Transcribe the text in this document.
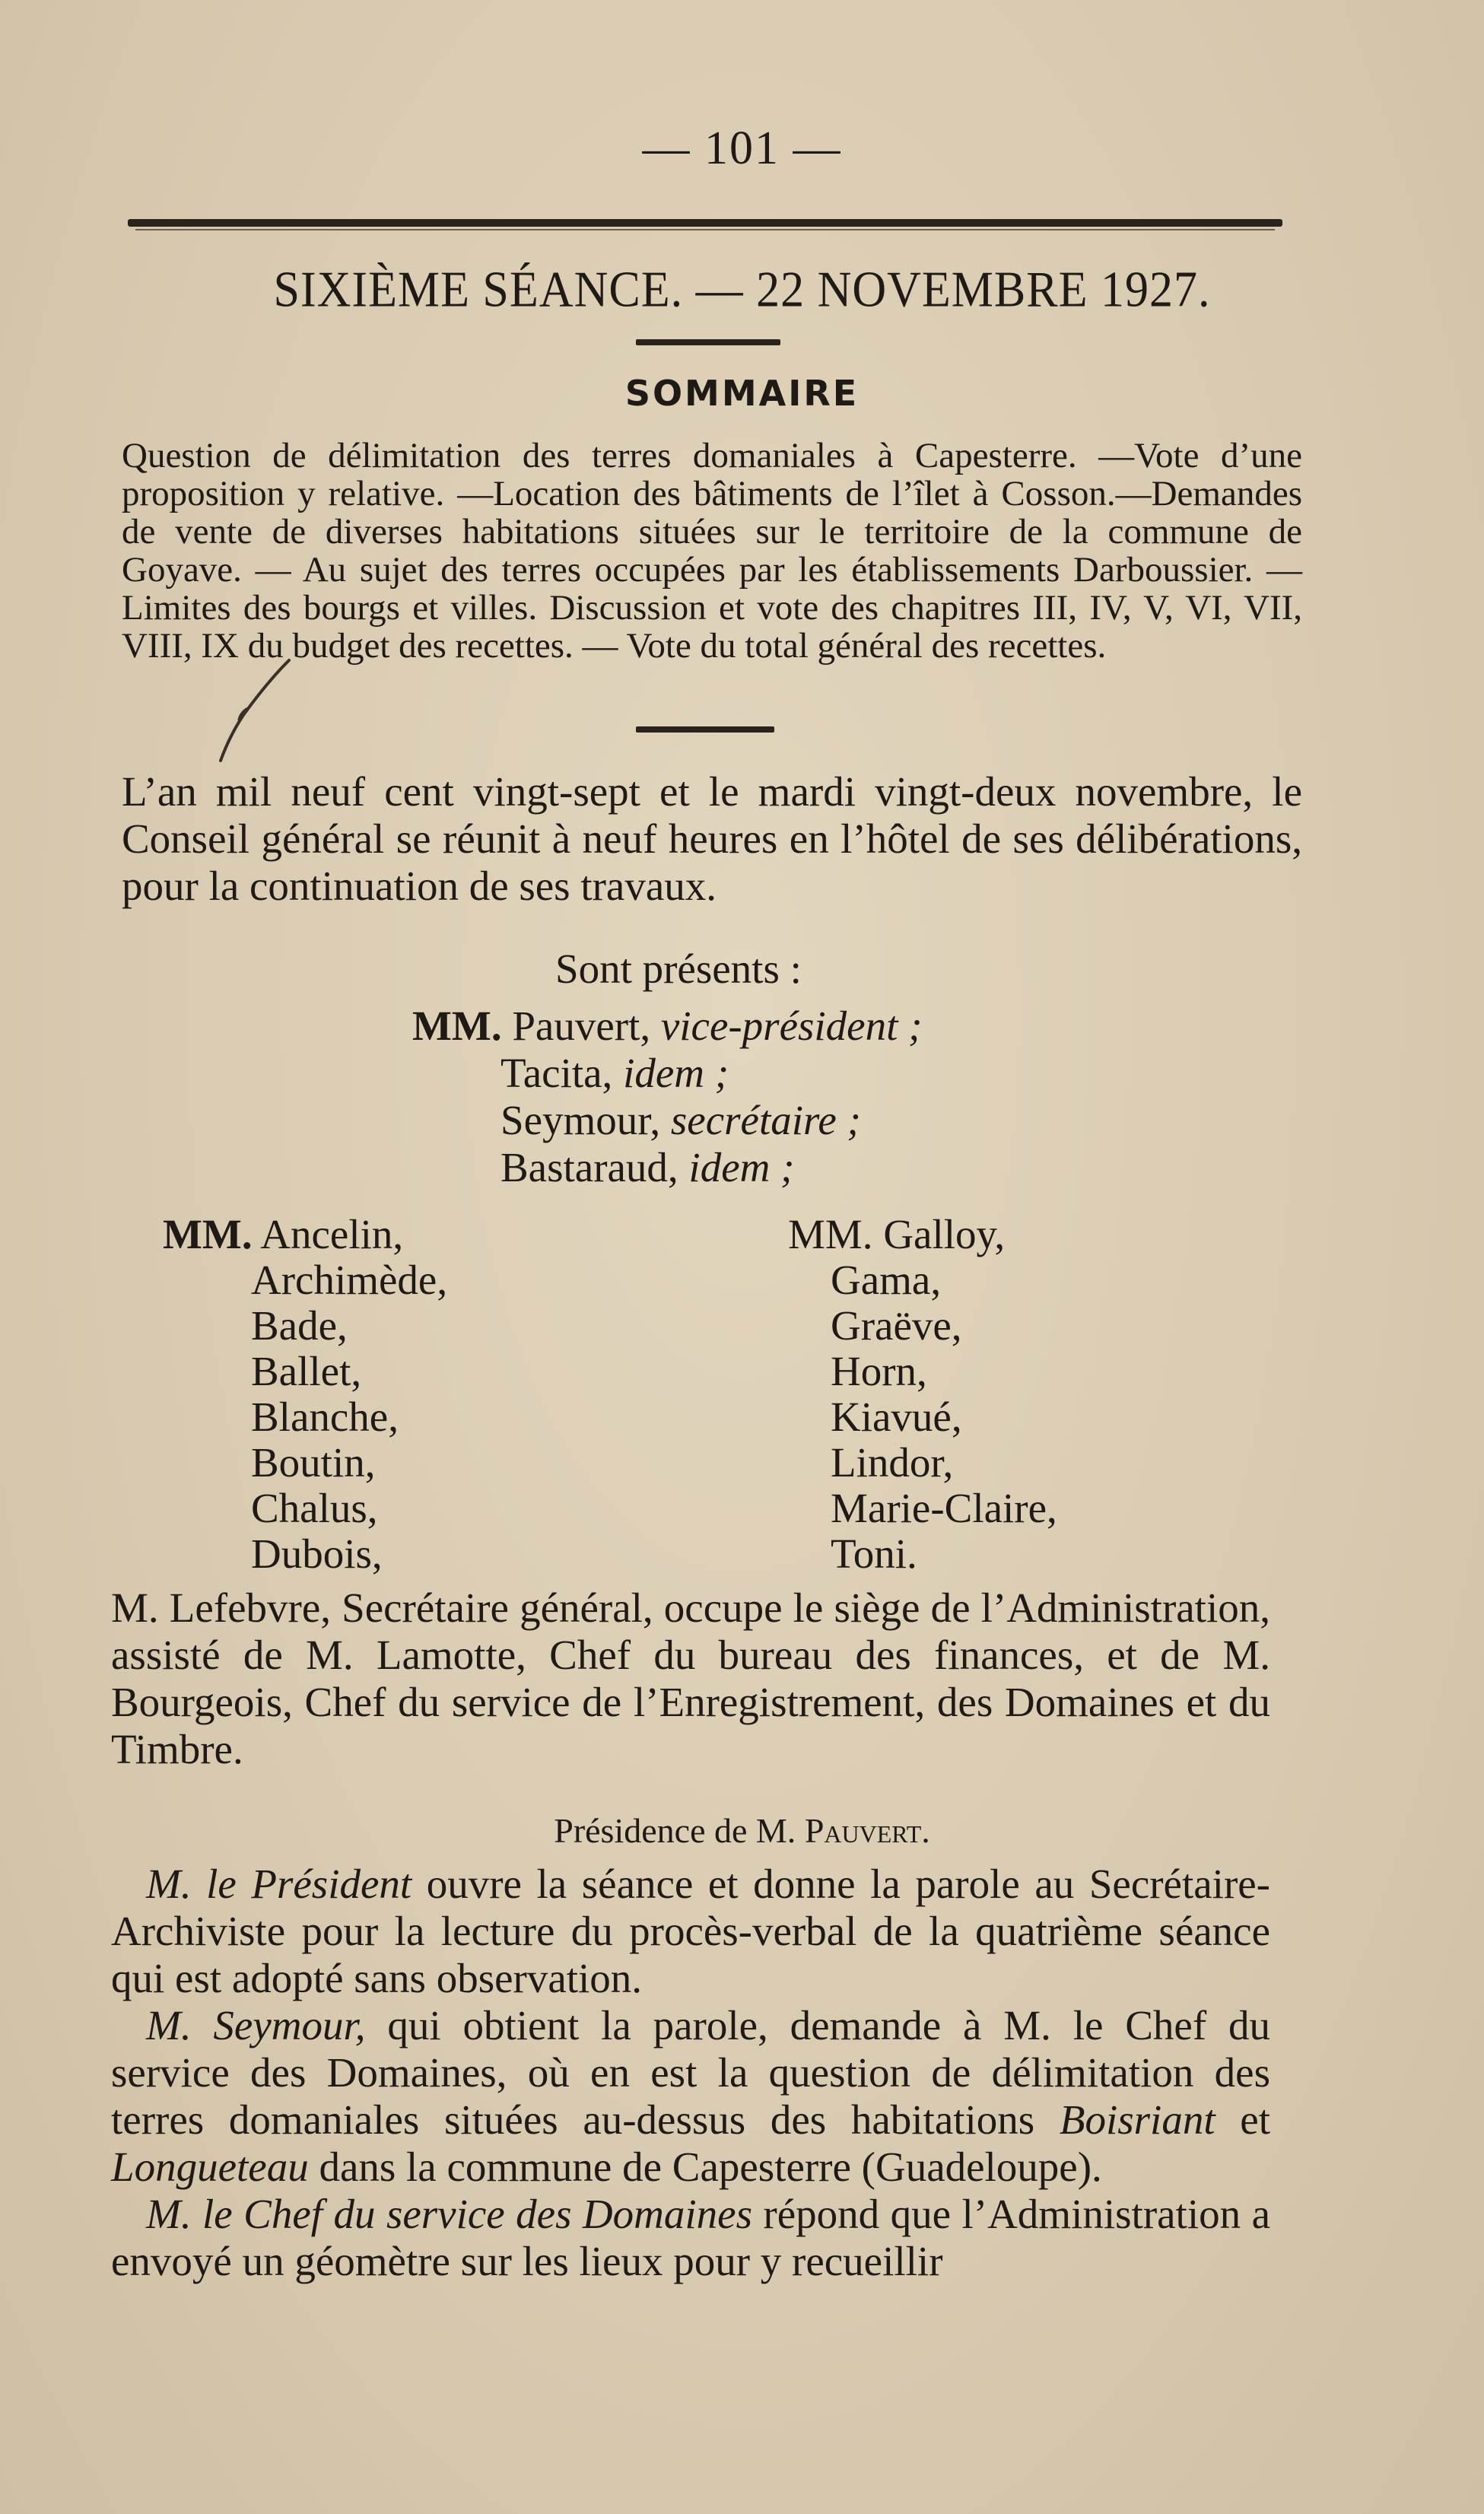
— 101 —
SIXIÈME SÉANCE. — 22 NOVEMBRE 1927.
SOMMAIRE
Question de délimitation des terres domaniales à Capesterre. —Vote d’une proposition y relative. —Location des bâtiments de l’îlet à Cosson.—Demandes de vente de diverses habitations situées sur le territoire de la commune de Goyave. — Au sujet des terres occupées par les établissements Darboussier. — Limites des bourgs et villes. Discussion et vote des chapitres III, IV, V, VI, VII, VIII, IX du budget des recettes. — Vote du total général des recettes.
L’an mil neuf cent vingt-sept et le mardi vingt-deux novembre, le Conseil général se réunit à neuf heures en l’hôtel de ses délibérations, pour la continuation de ses travaux.
Sont présents :
MM. Pauvert, vice-président ;
Tacita, idem ;
Seymour, secrétaire ;
Bastaraud, idem ;
MM. Ancelin,
Archimède,
Bade,
Ballet,
Blanche,
Boutin,
Chalus,
Dubois,
MM. Galloy,
Gama,
Graëve,
Horn,
Kiavué,
Lindor,
Marie-Claire,
Toni.
M. Lefebvre, Secrétaire général, occupe le siège de l’Administration, assisté de M. Lamotte, Chef du bureau des finances, et de M. Bourgeois, Chef du service de l’Enregistrement, des Domaines et du Timbre.
Présidence de M. Pauvert.

M. le Président ouvre la séance et donne la parole au Secrétaire-Archiviste pour la lecture du procès-verbal de la quatrième séance qui est adopté sans observation.

M. Seymour, qui obtient la parole, demande à M. le Chef du service des Domaines, où en est la question de délimitation des terres domaniales situées au-dessus des habitations Boisriant et Longueteau dans la commune de Capesterre (Guadeloupe).

M. le Chef du service des Domaines répond que l’Administration a envoyé un géomètre sur les lieux pour y recueillir
